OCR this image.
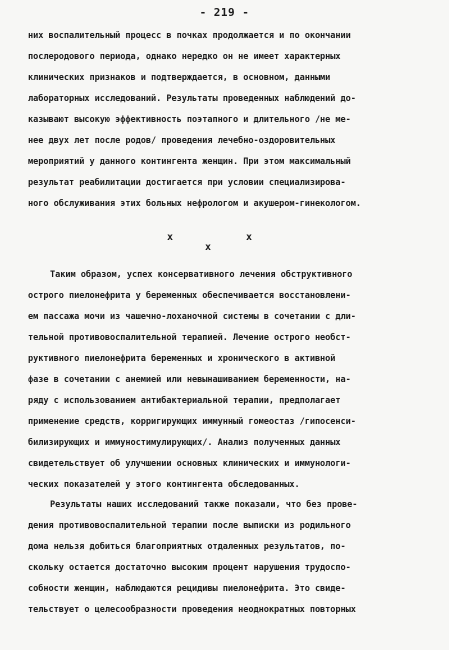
- 219 -
них воспалительный процесс в почках продолжается и по окончании
послеродового периода, однако нередко он не имеет характерных
клинических признаков и подтверждается, в основном, данными
лабораторных исследований. Результаты проведенных наблюдений до-
казывают высокую эффективность поэтапного и длительного /не ме-
нее двух лет после родов/ проведения лечебно-оздоровительных
мероприятий у данного контингента женщин. При этом максимальный
результат реабилитации достигается при условии специализирова-
ного обслуживания этих больных нефрологом и акушером-гинекологом.
x
x
x
Таким образом, успех консервативного лечения обструктивного
острого пиелонефрита у беременных обеспечивается восстановлени-
ем пассажа мочи из чашечно-лоханочной системы в сочетании с дли-
тельной противовоспалительной терапией. Лечение острого необст-
руктивного пиелонефрита беременных и хронического в активной
фазе в сочетании с анемией или невынашиванием беременности, на-
ряду с использованием антибактериальной терапии, предполагает
применение средств, корригирующих иммунный гомеостаз /гипосенси-
билизирующих и иммуностимулирующих/. Анализ полученных данных
свидетельствует об улучшении основных клинических и иммунологи-
ческих показателей у этого контингента обследованных.
Результаты наших исследований также показали, что без прове-
дения противовоспалительной терапии после выписки из родильного
дома нельзя добиться благоприятных отдаленных результатов, по-
скольку остается достаточно высоким процент нарушения трудоспо-
собности женщин, наблюдаются рецидивы пиелонефрита. Это свиде-
тельствует о целесообразности проведения неоднократных повторных
